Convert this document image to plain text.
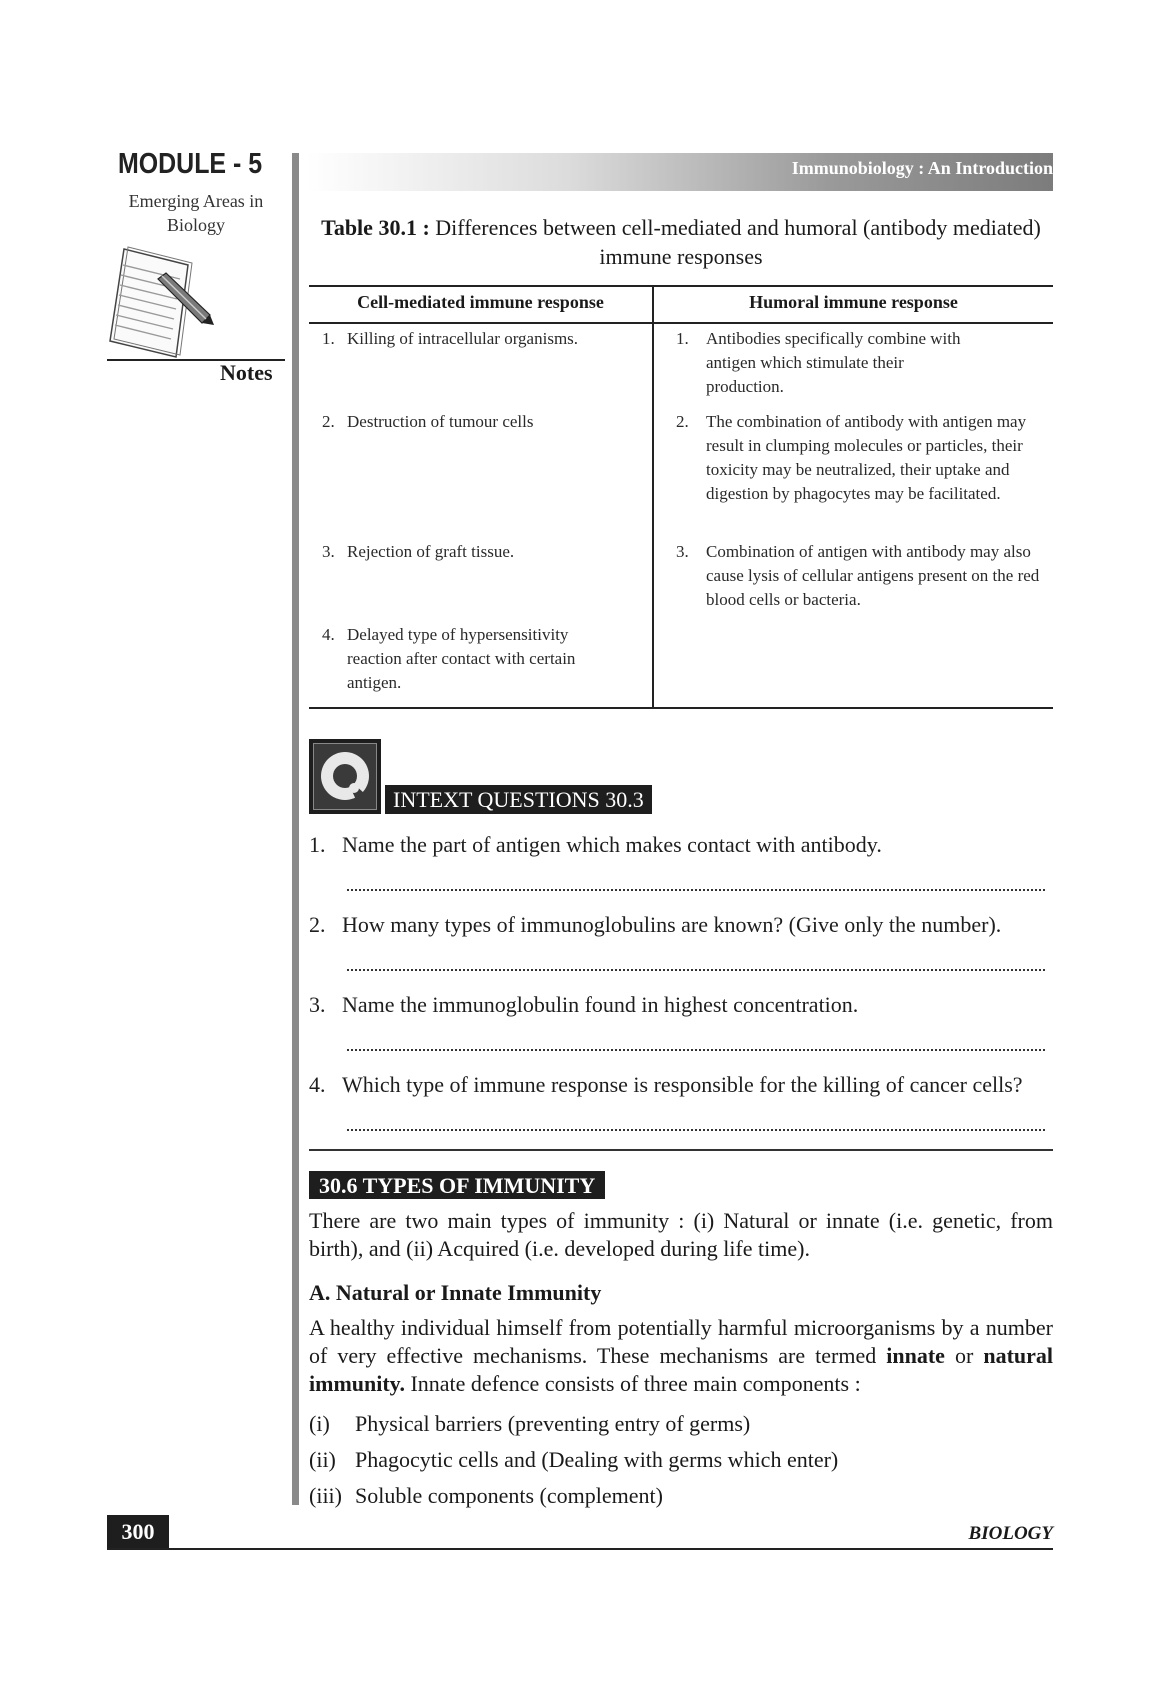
MODULE - 5
Emerging Areas in Biology
Notes
Immunobiology : An Introduction
Table 30.1 : Differences between cell-mediated and humoral (antibody mediated) immune responses
Cell-mediated immune response	Humoral immune response
1. Killing of intracellular organisms.
2. Destruction of tumour cells
3. Rejection of graft tissue.
4. Delayed type of hypersensitivity reaction after contact with certain antigen.
1. Antibodies specifically combine with antigen which stimulate their production.
2. The combination of antibody with antigen may result in clumping molecules or particles, their toxicity may be neutralized, their uptake and digestion by phagocytes may be facilitated.
3. Combination of antigen with antibody may also cause lysis of cellular antigens present on the red blood cells or bacteria.
INTEXT QUESTIONS 30.3
1. Name the part of antigen which makes contact with antibody.
2. How many types of immunoglobulins are known? (Give only the number).
3. Name the immunoglobulin found in highest concentration.
4. Which type of immune response is responsible for the killing of cancer cells?
30.6 TYPES OF IMMUNITY
There are two main types of immunity : (i) Natural or innate (i.e. genetic, from birth), and (ii) Acquired (i.e. developed during life time).
A. Natural or Innate Immunity
A healthy individual himself from potentially harmful microorganisms by a number of very effective mechanisms. These mechanisms are termed innate or natural immunity. Innate defence consists of three main components :
(i) Physical barriers (preventing entry of germs)
(ii) Phagocytic cells and (Dealing with germs which enter)
(iii) Soluble components (complement)
300	BIOLOGY
